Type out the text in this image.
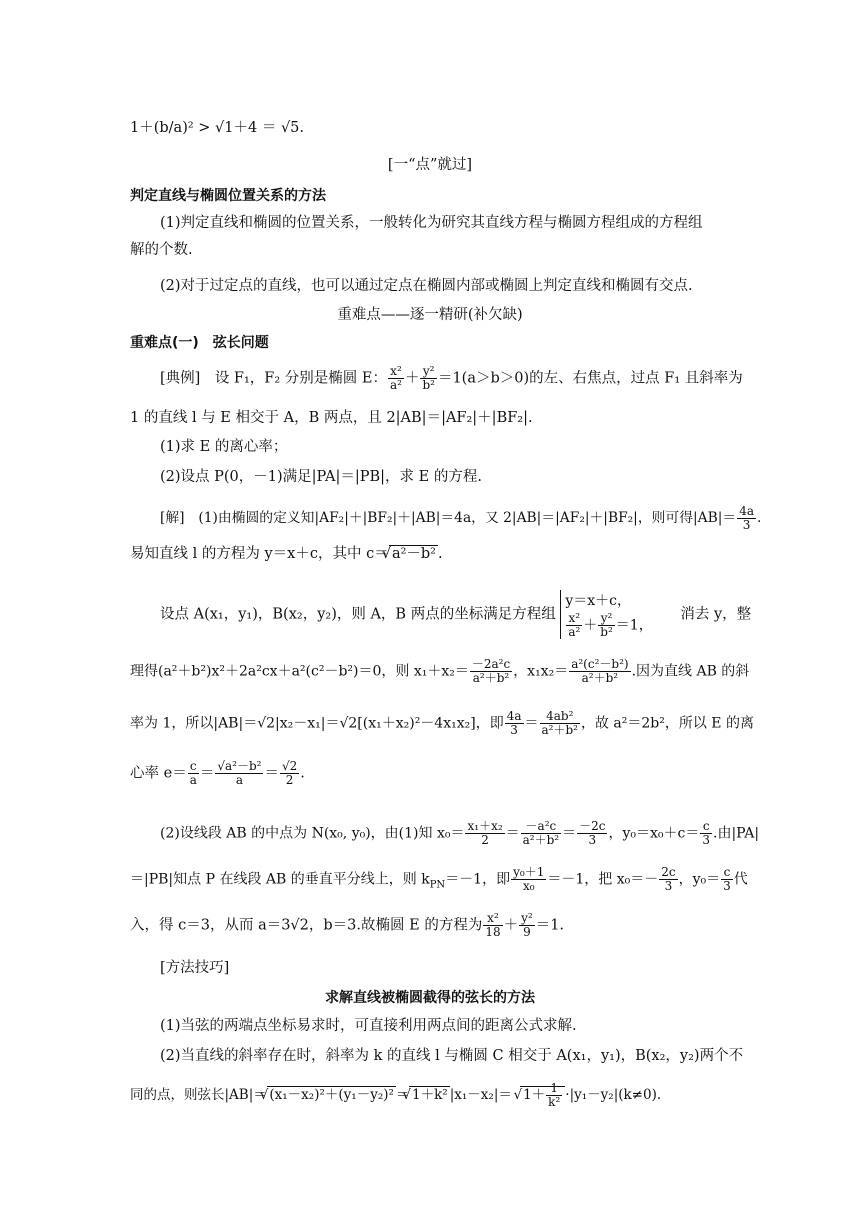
1＋(b/a)² > √1＋4 ＝ √5.
[一“点”就过]
判定直线与椭圆位置关系的方法
(1)判定直线和椭圆的位置关系，一般转化为研究其直线方程与椭圆方程组成的方程组
解的个数.
(2)对于过定点的直线，也可以通过定点在椭圆内部或椭圆上判定直线和椭圆有交点.
重难点——逐一精研(补欠缺)
重难点(一)　弦长问题
[典例]　设 F₁，F₂ 分别是椭圆 E： $\frac{\text{x²}}{\text{a²}} + \frac{\text{y²}}{\text{b²}} =1(a>b>0)$的左、右焦点，过点 F₁ 且斜率为
1 的直线 l 与 E 相交于 A，B 两点，且 2|AB|＝|AF₂|＋|BF₂|.
(1)求 E 的离心率；
(2)设点 P(0，－1)满足|PA|＝|PB|，求 E 的方程.
[解]　(1)由椭圆的定义知|AF₂|＋|BF₂|＋|AB|＝4a，又 2|AB|＝|AF₂|＋|BF₂|，则可得$|AB|= \frac{4a}{3}$ .
易知直线 l 的方程为 y＝x＋c，其中 c＝ √ a²－b² .
设点 A(x₁，y₁)，B(x₂，y₂)，则 A，B 两点的坐标满足方程组
y＝x＋c，
$\frac{\text{x²}}{\text{a²}} + \frac{\text{y²}}{\text{b²}} =1$，
消去 y，整
理得(a²＋b²)x²＋2a²cx＋a²(c²－b²)＝0，则 $x_1+x_2= \frac{\text{－2a²c}}{\text{a²＋b²}}$ ，$x_1x_2= \frac{\text{a²(c²－b²)}}{\text{a²＋b²}}$ .因为直线 AB 的斜
率为 1，所以|AB|＝√2|x₂－x₁|＝√2[(x₁＋x₂)²－4x₁x₂]，即 $\frac{4a}{3} = \frac{\text{4ab²}}{\text{a²＋b²}}$ ，故 a²＝2b²，所以 E 的离
心率 $e= \frac{c}{a} = \frac{\text{√a²－b²}}{a} = \frac{√2}{2}$ .
(2)设线段 AB 的中点为 N(x₀, y₀)，由(1)知 $x_0= \frac{\text{x₁＋x₂}}{2} = \frac{\text{－a²c}}{\text{a²＋b²}} = \frac{-2c}{3}$ ，$y_0=x_0+c= \frac{c}{3}$ .由|PA|
＝|PB|知点 P 在线段 AB 的垂直平分线上，则 $k_{PN}=-1$，即 $\frac{\text{y₀＋1}}{\text{x₀}} =-1$，把 $x_0=- \frac{2c}{3}$ ，$y_0= \frac{c}{3}$ 代
入，得 c＝3，从而 a＝3√2，b＝3.故椭圆 E 的方程为 $\frac{\text{x²}}{18} + \frac{\text{y²}}{9} =1$.
[方法技巧]
求解直线被椭圆截得的弦长的方法
(1)当弦的两端点坐标易求时，可直接利用两点间的距离公式求解.
(2)当直线的斜率存在时，斜率为 k 的直线 l 与椭圆 C 相交于 A(x₁，y₁)，B(x₂，y₂)两个不
同的点，则弦长|AB|＝ √ (x₁－x₂)²＋(y₁－y₂)² ＝ √ 1＋k² |x₁－x₂|＝ √ $1+ \frac{1}{\text{k²}} \cdot|y_1-y_2|(k\ne 0)$.
